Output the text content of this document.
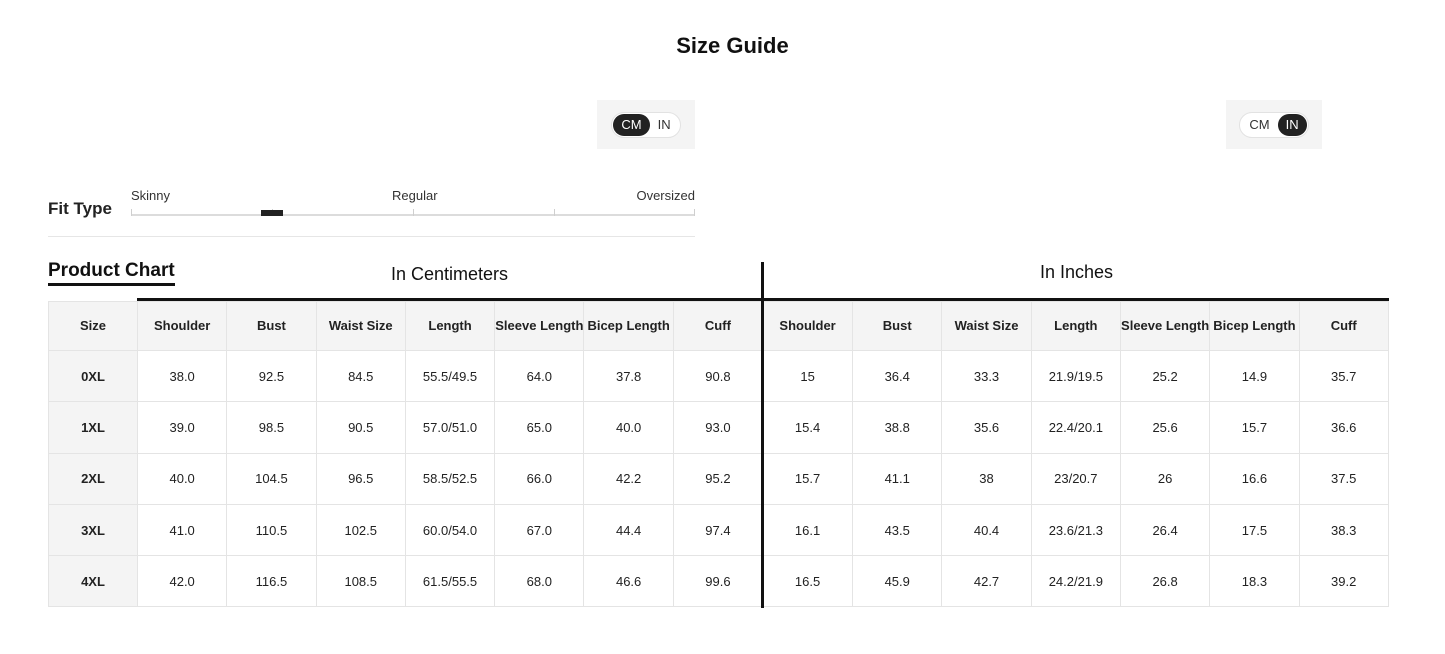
Size Guide
CM	IN	CM	IN
Fit Type
Skinny	Regular	Oversized
Product Chart	In Centimeters	In Inches
Size	Shoulder	Bust	Waist Size	Length	Sleeve Length	Bicep Length	Cuff	Shoulder	Bust	Waist Size	Length	Sleeve Length	Bicep Length	Cuff
0XL	38.0	92.5	84.5	55.5/49.5	64.0	37.8	90.8	15	36.4	33.3	21.9/19.5	25.2	14.9	35.7
1XL	39.0	98.5	90.5	57.0/51.0	65.0	40.0	93.0	15.4	38.8	35.6	22.4/20.1	25.6	15.7	36.6
2XL	40.0	104.5	96.5	58.5/52.5	66.0	42.2	95.2	15.7	41.1	38	23/20.7	26	16.6	37.5
3XL	41.0	110.5	102.5	60.0/54.0	67.0	44.4	97.4	16.1	43.5	40.4	23.6/21.3	26.4	17.5	38.3
4XL	42.0	116.5	108.5	61.5/55.5	68.0	46.6	99.6	16.5	45.9	42.7	24.2/21.9	26.8	18.3	39.2
